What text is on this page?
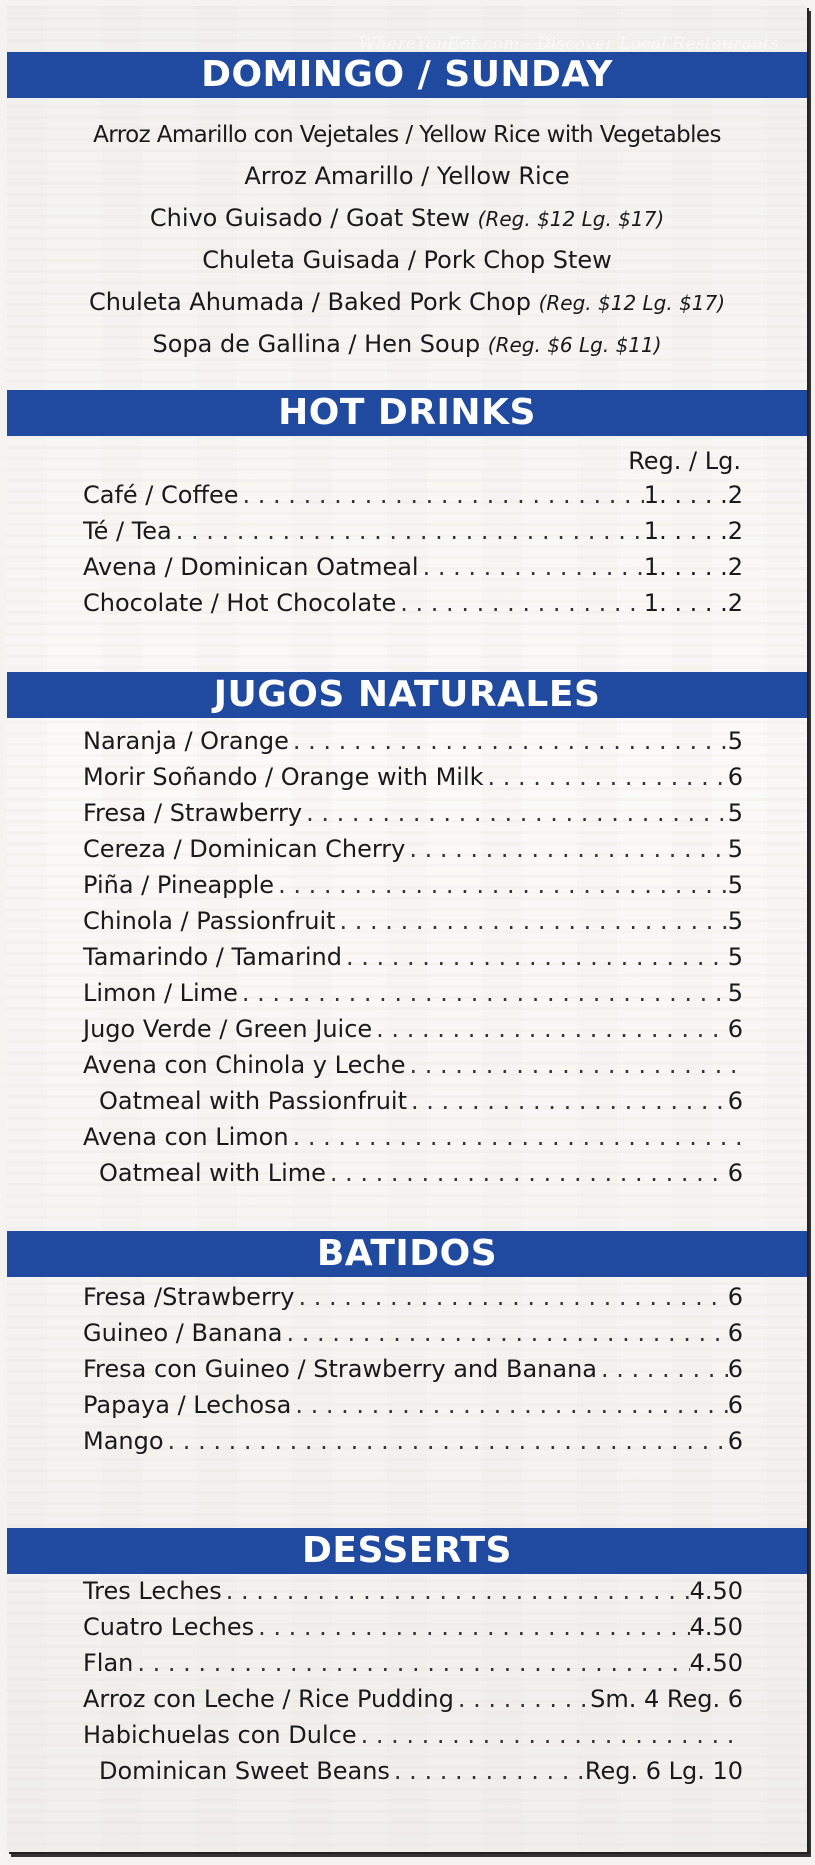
WhereYouEat.com - Discover Local Restaurants
DOMINGO / SUNDAY
Arroz Amarillo con Vejetales / Yellow Rice with Vegetables
Arroz Amarillo / Yellow Rice
Chivo Guisado / Goat Stew (Reg. $12 Lg. $17)
Chuleta Guisada / Pork Chop Stew
Chuleta Ahumada / Baked Pork Chop (Reg. $12 Lg. $17)
Sopa de Gallina / Hen Soup (Reg. $6 Lg. $11)
HOT DRINKS
Reg. / Lg.
Café / Coffee . . .	1. . . . .2
Té / Tea . . .	1. . . . .2
Avena / Dominican Oatmeal . . .	1. . . . .2
Chocolate / Hot Chocolate . . .	1. . . . .2
JUGOS NATURALES
Naranja / Orange . . .	5
Morir Soñando / Orange with Milk . . .	6
Fresa / Strawberry . . .	5
Cereza / Dominican Cherry . . .	5
Piña / Pineapple . . .	5
Chinola / Passionfruit . . .	5
Tamarindo / Tamarind . . .	5
Limon / Lime . . .	5
Jugo Verde / Green Juice . . .	6
Avena con Chinola y Leche
. . .
Oatmeal with Passionfruit . . .	6
Avena con Limon
. . .
Oatmeal with Lime . . .	6
BATIDOS
Fresa /Strawberry . . .	6
Guineo / Banana . . .	6
Fresa con Guineo / Strawberry and Banana . . .	6
Papaya / Lechosa . . .	6
Mango . . .	6
DESSERTS
Tres Leches . . .	4.50
Cuatro Leches . . .	4.50
Flan . . .	4.50
Arroz con Leche / Rice Pudding . . .	Sm. 4 Reg. 6
Habichuelas con Dulce
. . .
Dominican Sweet Beans . . .	Reg. 6 Lg. 10
